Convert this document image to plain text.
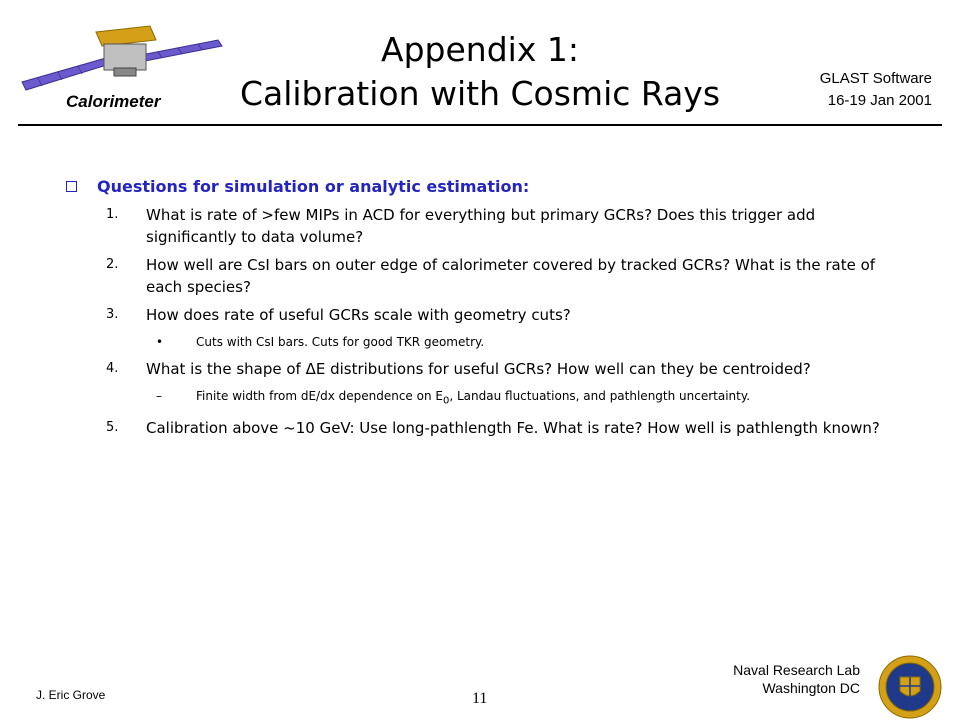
Calorimeter
Appendix 1:
Calibration with Cosmic Rays	GLAST Software
16-19 Jan 2001
Questions for simulation or analytic estimation:
1.	What is rate of >few MIPs in ACD for everything but primary GCRs? Does this trigger add significantly to data volume?
2.	How well are CsI bars on outer edge of calorimeter covered by tracked GCRs? What is the rate of each species?
3.	How does rate of useful GCRs scale with geometry cuts?
•	Cuts with CsI bars. Cuts for good TKR geometry.
4.	What is the shape of ΔE distributions for useful GCRs? How well can they be centroided?
–	Finite width from dE/dx dependence on $E_0$, Landau fluctuations, and pathlength uncertainty.
5.	Calibration above ~10 GeV: Use long-pathlength Fe. What is rate? How well is pathlength known?
J. Eric Grove	11
Naval Research Lab
Washington DC
